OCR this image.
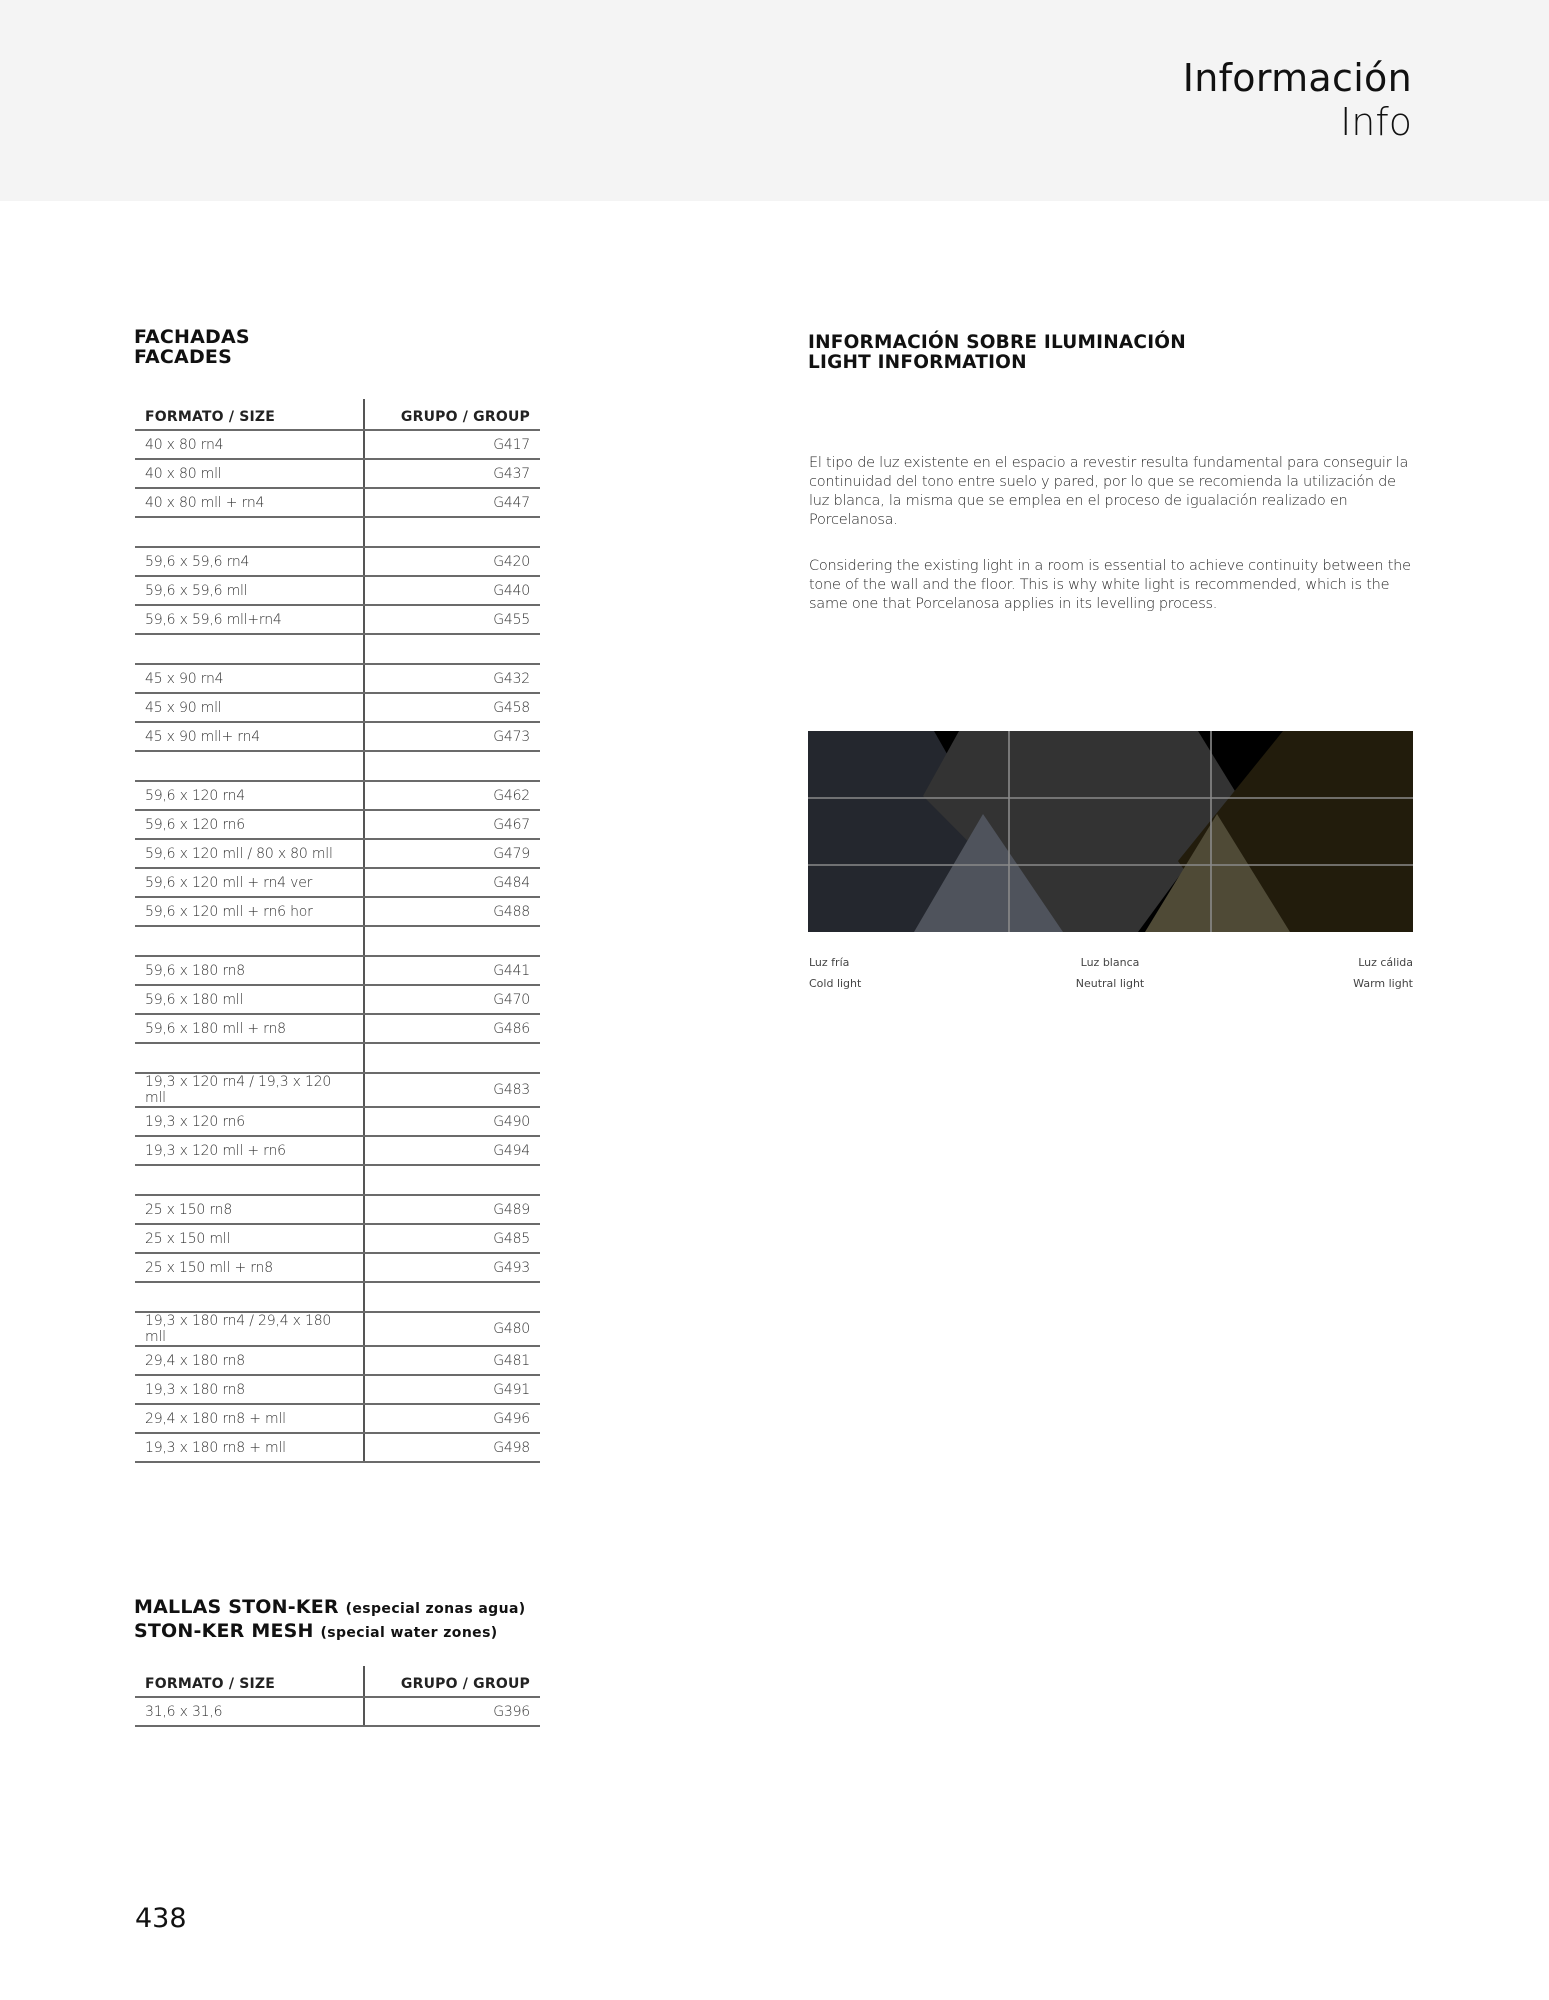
Información
Info
FACHADAS
FACADES
FORMATO / SIZE	GRUPO / GROUP
40 x 80 rn4	G417
40 x 80 mll	G437
40 x 80 mll + rn4	G447

59,6 x 59,6 rn4	G420
59,6 x 59,6 mll	G440
59,6 x 59,6 mll+rn4	G455

45 x 90 rn4	G432
45 x 90 mll	G458
45 x 90 mll+ rn4	G473

59,6 x 120 rn4	G462
59,6 x 120 rn6	G467
59,6 x 120 mll / 80 x 80 mll	G479
59,6 x 120 mll + rn4 ver	G484
59,6 x 120 mll + rn6 hor	G488

59,6 x 180 rn8	G441
59,6 x 180 mll	G470
59,6 x 180 mll + rn8	G486

19,3 x 120 rn4 / 19,3 x 120 mll	G483
19,3 x 120 rn6	G490
19,3 x 120 mll + rn6	G494

25 x 150 rn8	G489
25 x 150 mll	G485
25 x 150 mll + rn8	G493

19,3 x 180 rn4 / 29,4 x 180 mll	G480
29,4 x 180 rn8	G481
19,3 x 180 rn8	G491
29,4 x 180 rn8 + mll	G496
19,3 x 180 rn8 + mll	G498
MALLAS STON-KER (especial zonas agua)
STON-KER MESH (special water zones)
FORMATO / SIZE	GRUPO / GROUP
31,6 x 31,6	G396
INFORMACIÓN SOBRE ILUMINACIÓN
LIGHT INFORMATION

El tipo de luz existente en el espacio a revestir resulta fundamental para conseguir la continuidad del tono entre suelo y pared, por lo que se recomienda la utilización de luz blanca, la misma que se emplea en el proceso de igualación realizado en Porcelanosa.

Considering the existing light in a room is essential to achieve continuity between the tone of the wall and the floor. This is why white light is recommended, which is the same one that Porcelanosa applies in its levelling process.

Luz fría
Cold light
Luz blanca
Neutral light
Luz cálida
Warm light
438
